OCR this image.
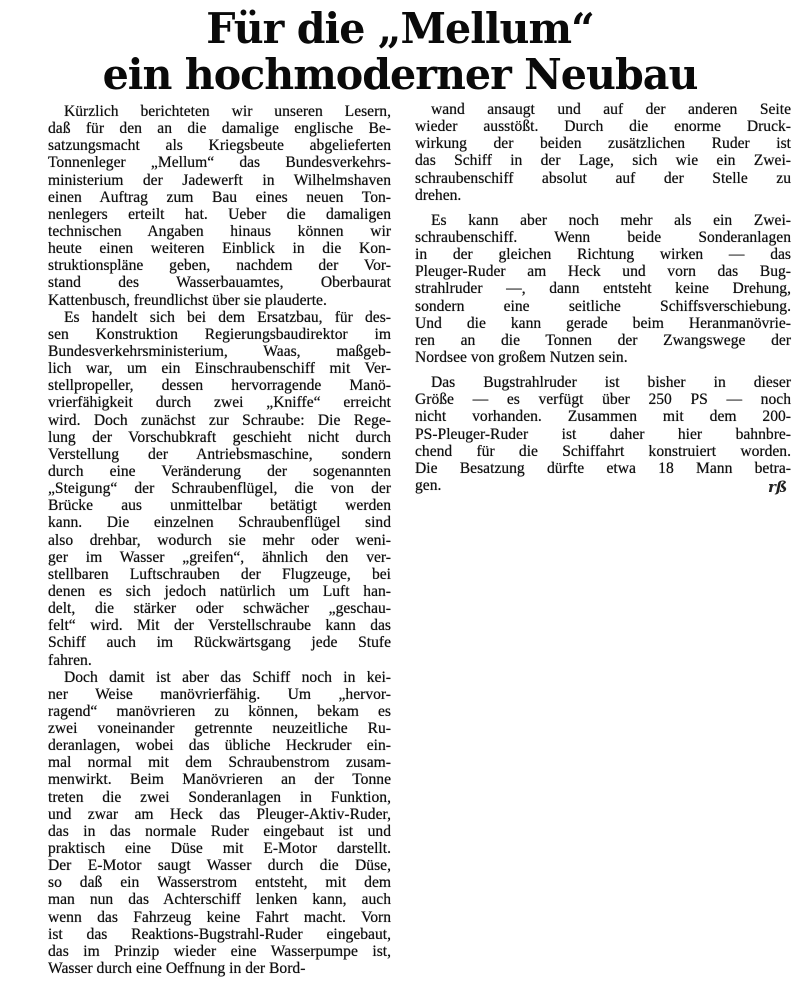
Für die „Mellum“
ein hochmoderner Neubau
Kürzlich berichteten wir unseren Lesern,
daß für den an die damalige englische Be-
satzungsmacht als Kriegsbeute abgelieferten
Tonnenleger „Mellum“ das Bundesverkehrs-
ministerium der Jadewerft in Wilhelmshaven
einen Auftrag zum Bau eines neuen Ton-
nenlegers erteilt hat. Ueber die damaligen
technischen Angaben hinaus können wir
heute einen weiteren Einblick in die Kon-
struktionspläne geben, nachdem der Vor-
stand des Wasserbauamtes, Oberbaurat
Kattenbusch, freundlichst über sie plauderte.
Es handelt sich bei dem Ersatzbau, für des-
sen Konstruktion Regierungsbaudirektor im
Bundesverkehrsministerium, Waas, maßgeb-
lich war, um ein Einschraubenschiff mit Ver-
stellpropeller, dessen hervorragende Manö-
vrierfähigkeit durch zwei „Kniffe“ erreicht
wird. Doch zunächst zur Schraube: Die Rege-
lung der Vorschubkraft geschieht nicht durch
Verstellung der Antriebsmaschine, sondern
durch eine Veränderung der sogenannten
„Steigung“ der Schraubenflügel, die von der
Brücke aus unmittelbar betätigt werden
kann. Die einzelnen Schraubenflügel sind
also drehbar, wodurch sie mehr oder weni-
ger im Wasser „greifen“, ähnlich den ver-
stellbaren Luftschrauben der Flugzeuge, bei
denen es sich jedoch natürlich um Luft han-
delt, die stärker oder schwächer „geschau-
felt“ wird. Mit der Verstellschraube kann das
Schiff auch im Rückwärtsgang jede Stufe
fahren.
Doch damit ist aber das Schiff noch in kei-
ner Weise manövrierfähig. Um „hervor-
ragend“ manövrieren zu können, bekam es
zwei voneinander getrennte neuzeitliche Ru-
deranlagen, wobei das übliche Heckruder ein-
mal normal mit dem Schraubenstrom zusam-
menwirkt. Beim Manövrieren an der Tonne
treten die zwei Sonderanlagen in Funktion,
und zwar am Heck das Pleuger-Aktiv-Ruder,
das in das normale Ruder eingebaut ist und
praktisch eine Düse mit E-Motor darstellt.
Der E-Motor saugt Wasser durch die Düse,
so daß ein Wasserstrom entsteht, mit dem
man nun das Achterschiff lenken kann, auch
wenn das Fahrzeug keine Fahrt macht. Vorn
ist das Reaktions-Bugstrahl-Ruder eingebaut,
das im Prinzip wieder eine Wasserpumpe ist,
Wasser durch eine Oeffnung in der Bord-
wand ansaugt und auf der anderen Seite
wieder ausstößt. Durch die enorme Druck-
wirkung der beiden zusätzlichen Ruder ist
das Schiff in der Lage, sich wie ein Zwei-
schraubenschiff absolut auf der Stelle zu
drehen.
Es kann aber noch mehr als ein Zwei-
schraubenschiff. Wenn beide Sonderanlagen
in der gleichen Richtung wirken — das
Pleuger-Ruder am Heck und vorn das Bug-
strahlruder —, dann entsteht keine Drehung,
sondern eine seitliche Schiffsverschiebung.
Und die kann gerade beim Heranmanövrie-
ren an die Tonnen der Zwangswege der
Nordsee von großem Nutzen sein.
Das Bugstrahlruder ist bisher in dieser
Größe — es verfügt über 250 PS — noch
nicht vorhanden. Zusammen mit dem 200-
PS-Pleuger-Ruder ist daher hier bahnbre-
chend für die Schiffahrt konstruiert worden.
Die Besatzung dürfte etwa 18 Mann betra-
gen.	rß
